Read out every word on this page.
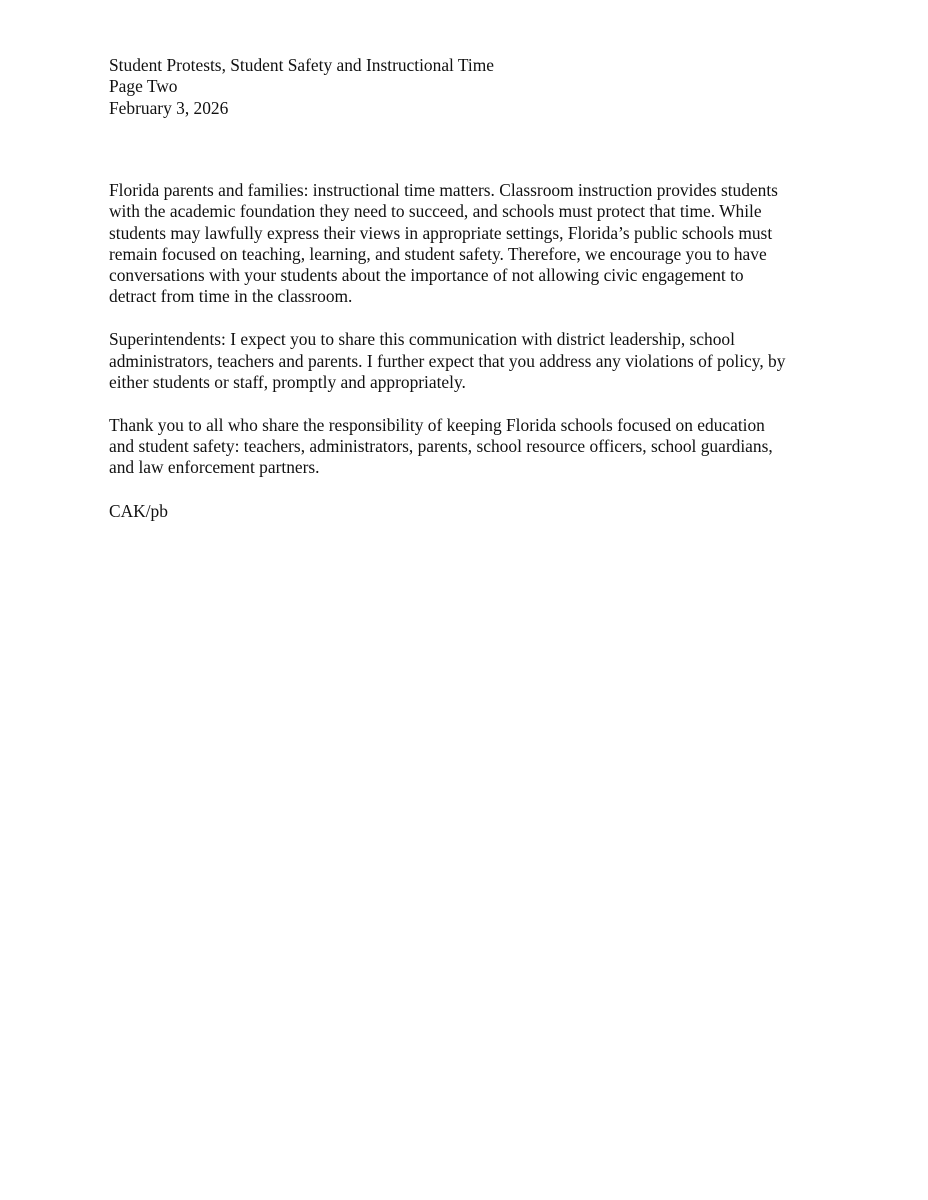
Student Protests, Student Safety and Instructional Time
Page Two
February 3, 2026

Florida parents and families: instructional time matters. Classroom instruction provides students
with the academic foundation they need to succeed, and schools must protect that time. While
students may lawfully express their views in appropriate settings, Florida’s public schools must
remain focused on teaching, learning, and student safety. Therefore, we encourage you to have
conversations with your students about the importance of not allowing civic engagement to
detract from time in the classroom.

Superintendents: I expect you to share this communication with district leadership, school
administrators, teachers and parents. I further expect that you address any violations of policy, by
either students or staff, promptly and appropriately.

Thank you to all who share the responsibility of keeping Florida schools focused on education
and student safety: teachers, administrators, parents, school resource officers, school guardians,
and law enforcement partners.

CAK/pb
